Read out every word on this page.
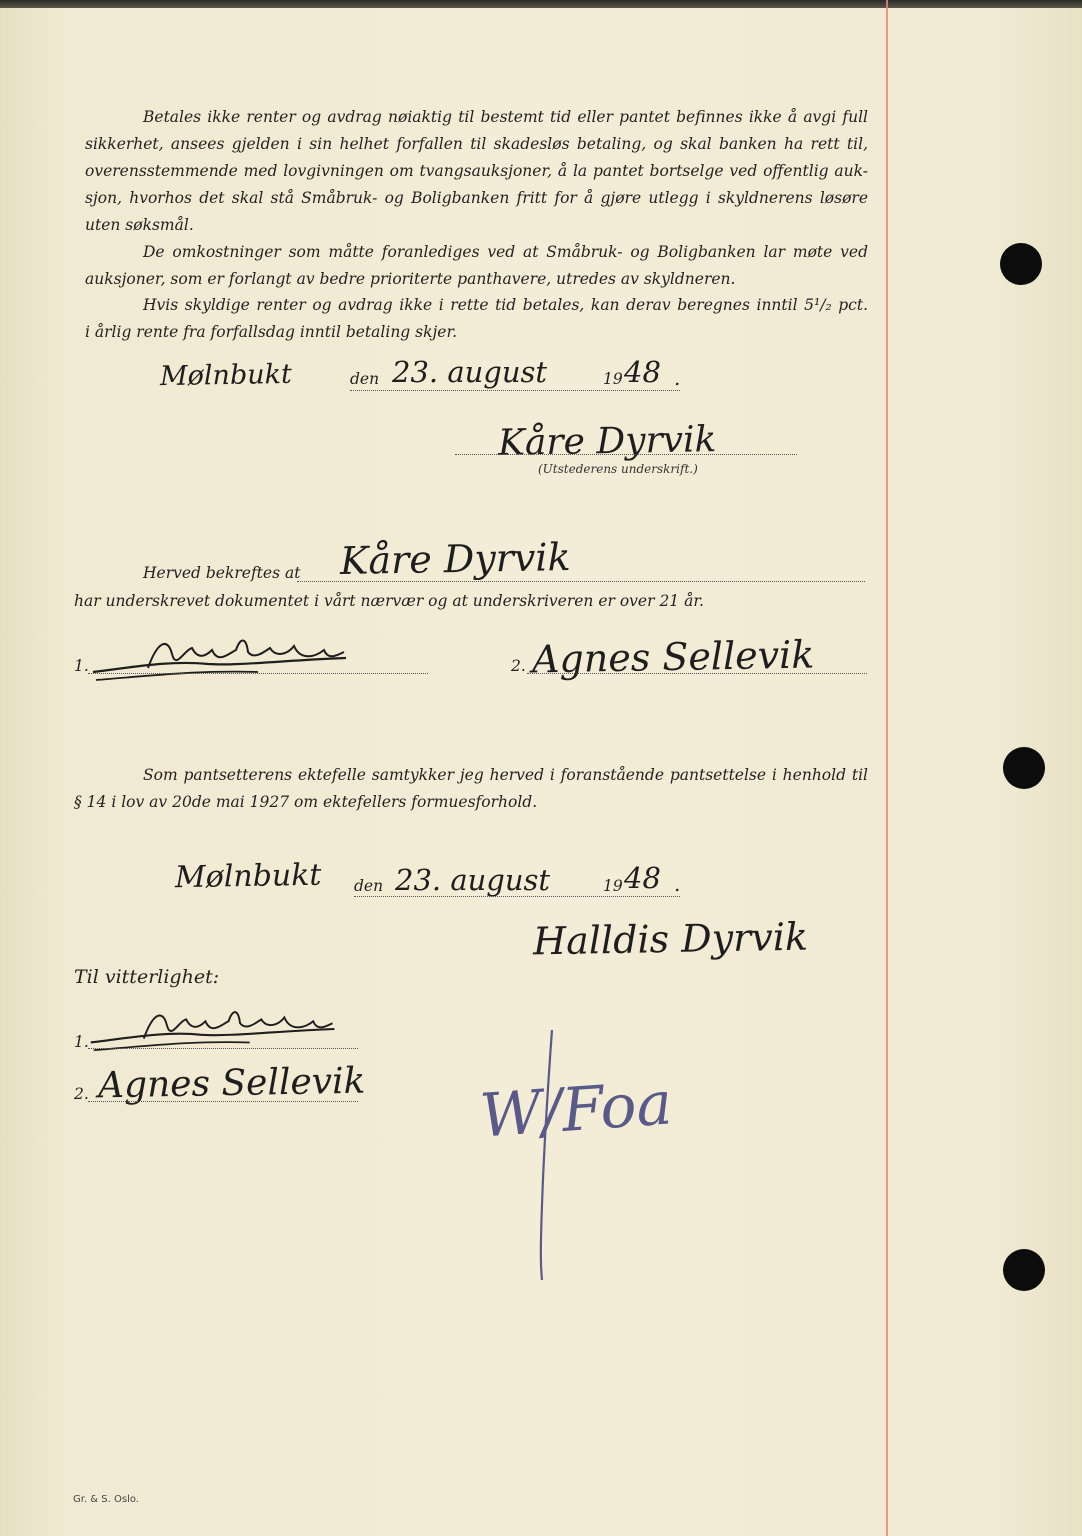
Betales ikke renter og avdrag nøiaktig til bestemt tid eller pantet befinnes ikke å avgi full
sikkerhet, ansees gjelden i sin helhet forfallen til skadesløs betaling, og skal banken ha rett til,
overensstemmende med lovgivningen om tvangsauksjoner, å la pantet bortselge ved offentlig auk-
sjon, hvorhos det skal stå Småbruk- og Boligbanken fritt for å gjøre utlegg i skyldnerens løsøre
uten søksmål.
De omkostninger som måtte foranlediges ved at Småbruk- og Boligbanken lar møte ved
auksjoner, som er forlangt av bedre prioriterte panthavere, utredes av skyldneren.
Hvis skyldige renter og avdrag ikke i rette tid betales, kan derav beregnes inntil 5¹/₂ pct.
i årlig rente fra forfallsdag inntil betaling skjer.
Mølnbukt	den 23. august	19 48 .
Kåre Dyrvik
(Utstederens underskrift.)
Herved bekreftes at Kåre Dyrvik
har underskrevet dokumentet i vårt nærvær og at underskriveren er over 21 år.
1.	2. Agnes Sellevik
Som pantsetterens ektefelle samtykker jeg herved i foranstående pantsettelse i henhold til
§ 14 i lov av 20de mai 1927 om ektefellers formuesforhold.
Mølnbukt den 23. august	19 48 .
Halldis Dyrvik
Til vitterlighet:
1.
2. Agnes Sellevik W/Foa
Gr. & S. Oslo.
